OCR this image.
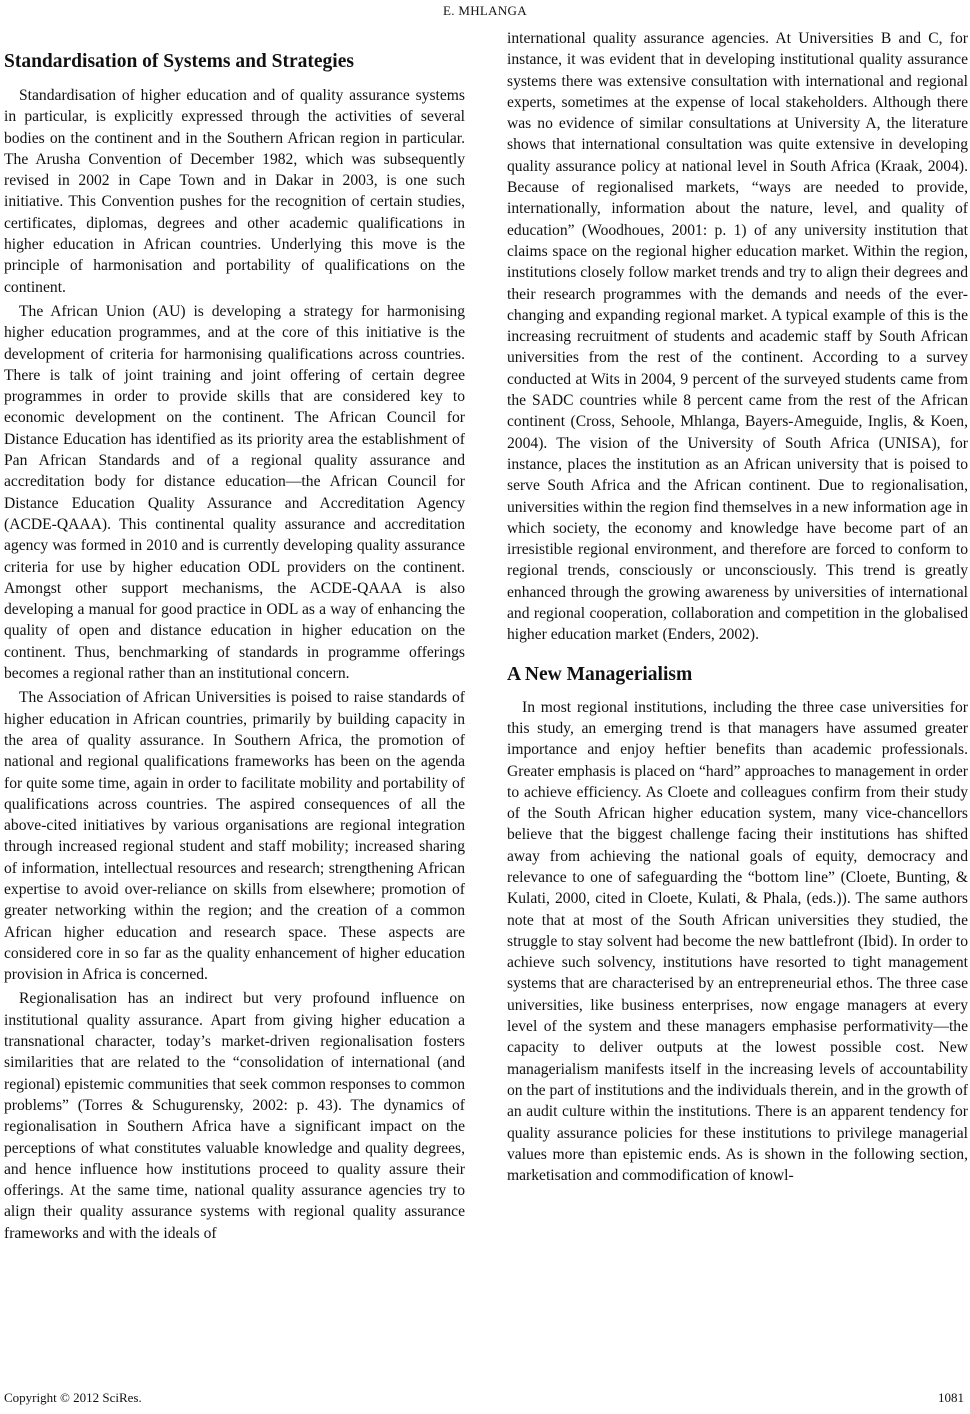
E. MHLANGA
Standardisation of Systems and Strategies

Standardisation of higher education and of quality assurance systems in particular, is explicitly expressed through the activities of several bodies on the continent and in the Southern African region in particular. The Arusha Convention of December 1982, which was subsequently revised in 2002 in Cape Town and in Dakar in 2003, is one such initiative. This Convention pushes for the recognition of certain studies, certificates, diplomas, degrees and other academic qualifications in higher education in African countries. Underlying this move is the principle of harmonisation and portability of qualifications on the continent.

The African Union (AU) is developing a strategy for harmonising higher education programmes, and at the core of this initiative is the development of criteria for harmonising qualifications across countries. There is talk of joint training and joint offering of certain degree programmes in order to provide skills that are considered key to economic development on the continent. The African Council for Distance Education has identified as its priority area the establishment of Pan African Standards and of a regional quality assurance and accreditation body for distance education—the African Council for Distance Education Quality Assurance and Accreditation Agency (ACDE-QAAA). This continental quality assurance and accreditation agency was formed in 2010 and is currently developing quality assurance criteria for use by higher education ODL providers on the continent. Amongst other support mechanisms, the ACDE-QAAA is also developing a manual for good practice in ODL as a way of enhancing the quality of open and distance education in higher education on the continent. Thus, benchmarking of standards in programme offerings becomes a regional rather than an institutional concern.

The Association of African Universities is poised to raise standards of higher education in African countries, primarily by building capacity in the area of quality assurance. In Southern Africa, the promotion of national and regional qualifications frameworks has been on the agenda for quite some time, again in order to facilitate mobility and portability of qualifications across countries. The aspired consequences of all the above-cited initiatives by various organisations are regional integration through increased regional student and staff mobility; increased sharing of information, intellectual resources and research; strengthening African expertise to avoid over-reliance on skills from elsewhere; promotion of greater networking within the region; and the creation of a common African higher education and research space. These aspects are considered core in so far as the quality enhancement of higher education provision in Africa is concerned.

Regionalisation has an indirect but very profound influence on institutional quality assurance. Apart from giving higher education a transnational character, today’s market-driven regionalisation fosters similarities that are related to the “consolidation of international (and regional) epistemic communities that seek common responses to common problems” (Torres & Schugurensky, 2002: p. 43). The dynamics of regionalisation in Southern Africa have a significant impact on the perceptions of what constitutes valuable knowledge and quality degrees, and hence influence how institutions proceed to quality assure their offerings. At the same time, national quality assurance agencies try to align their quality assurance systems with regional quality assurance frameworks and with the ideals of

international quality assurance agencies. At Universities B and C, for instance, it was evident that in developing institutional quality assurance systems there was extensive consultation with international and regional experts, sometimes at the expense of local stakeholders. Although there was no evidence of similar consultations at University A, the literature shows that international consultation was quite extensive in developing quality assurance policy at national level in South Africa (Kraak, 2004). Because of regionalised markets, “ways are needed to provide, internationally, information about the nature, level, and quality of education” (Woodhoues, 2001: p. 1) of any university institution that claims space on the regional higher education market. Within the region, institutions closely follow market trends and try to align their degrees and their research programmes with the demands and needs of the ever-changing and expanding regional market. A typical example of this is the increasing recruitment of students and academic staff by South African universities from the rest of the continent. According to a survey conducted at Wits in 2004, 9 percent of the surveyed students came from the SADC countries while 8 percent came from the rest of the African continent (Cross, Sehoole, Mhlanga, Bayers-Ameguide, Inglis, & Koen, 2004). The vision of the University of South Africa (UNISA), for instance, places the institution as an African university that is poised to serve South Africa and the African continent. Due to regionalisation, universities within the region find themselves in a new information age in which society, the economy and knowledge have become part of an irresistible regional environment, and therefore are forced to conform to regional trends, consciously or unconsciously. This trend is greatly enhanced through the growing awareness by universities of international and regional cooperation, collaboration and competition in the globalised higher education market (Enders, 2002).

A New Managerialism

In most regional institutions, including the three case universities for this study, an emerging trend is that managers have assumed greater importance and enjoy heftier benefits than academic professionals. Greater emphasis is placed on “hard” approaches to management in order to achieve efficiency. As Cloete and colleagues confirm from their study of the South African higher education system, many vice-chancellors believe that the biggest challenge facing their institutions has shifted away from achieving the national goals of equity, democracy and relevance to one of safeguarding the “bottom line” (Cloete, Bunting, & Kulati, 2000, cited in Cloete, Kulati, & Phala, (eds.)). The same authors note that at most of the South African universities they studied, the struggle to stay solvent had become the new battlefront (Ibid). In order to achieve such solvency, institutions have resorted to tight management systems that are characterised by an entrepreneurial ethos. The three case universities, like business enterprises, now engage managers at every level of the system and these managers emphasise performativity—the capacity to deliver outputs at the lowest possible cost. New managerialism manifests itself in the increasing levels of accountability on the part of institutions and the individuals therein, and in the growth of an audit culture within the institutions. There is an apparent tendency for quality assurance policies for these institutions to privilege managerial values more than epistemic ends. As is shown in the following section, marketisation and commodification of knowl-

Copyright © 2012 SciRes.	1081
